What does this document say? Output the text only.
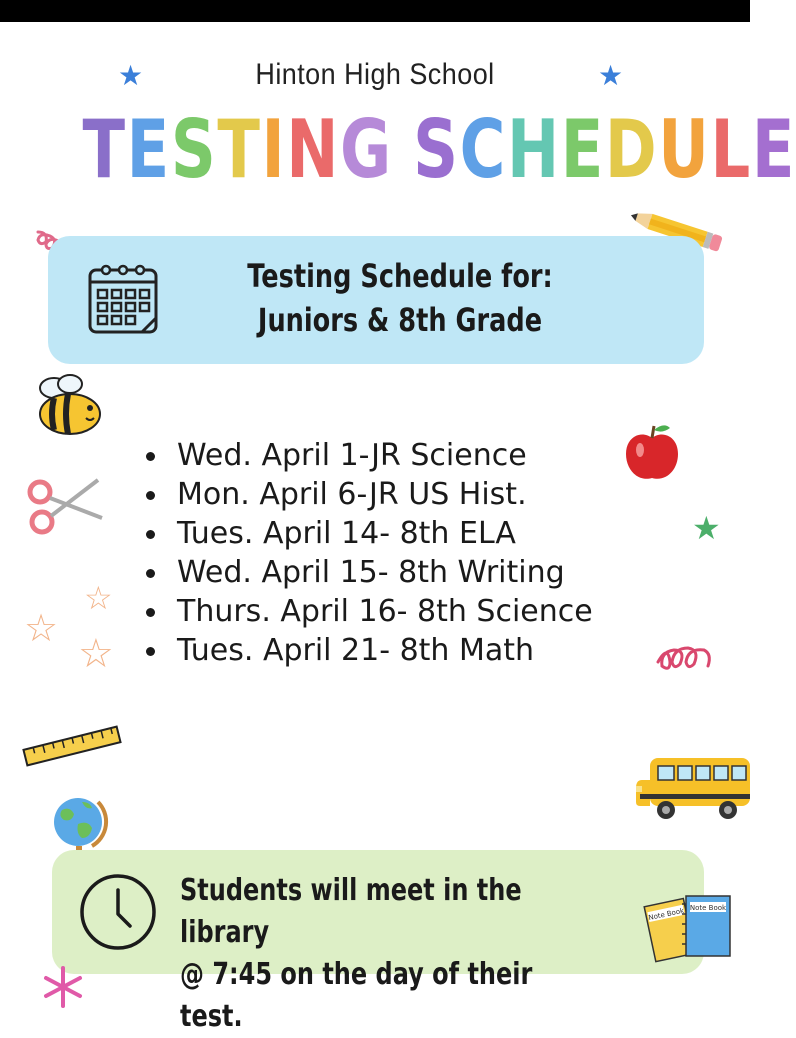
★	★
Hinton High School
TESTING SCHEDULE
Testing Schedule for:
Juniors & 8th Grade
★
Wed. April 1-JR Science
Mon. April 6-JR US Hist.
Tues. April 14- 8th ELA
Wed. April 15- 8th Writing
Thurs. April 16- 8th Science
Tues. April 21- 8th Math
☆
☆
☆
Students will meet in the library
@ 7:45 on the day of their test.
Note Book Note Book
